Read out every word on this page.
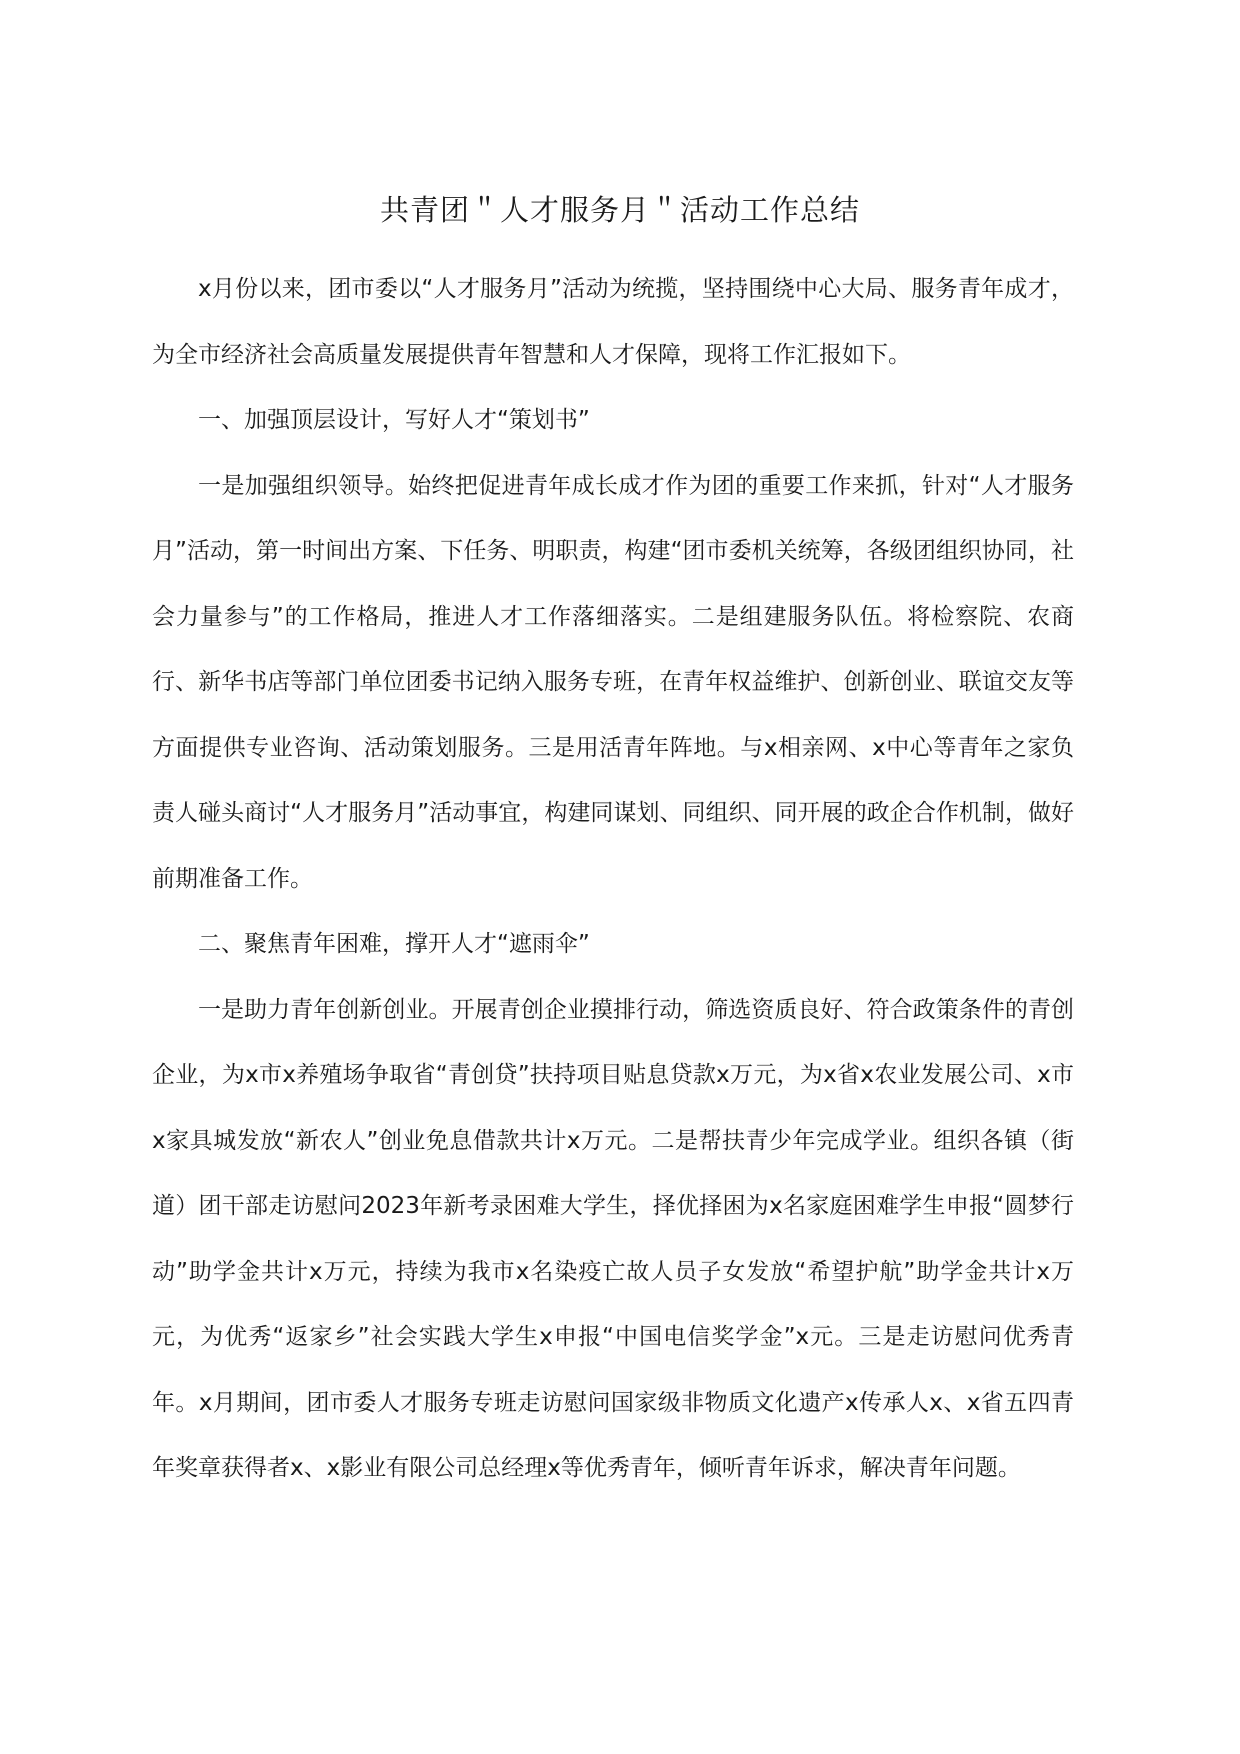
共青团＂人才服务月＂活动工作总结

x月份以来，团市委以“人才服务月”活动为统揽，坚持围绕中心大局、服务青年成才，为全市经济社会高质量发展提供青年智慧和人才保障，现将工作汇报如下。

一、加强顶层设计，写好人才“策划书”

一是加强组织领导。始终把促进青年成长成才作为团的重要工作来抓，针对“人才服务月”活动，第一时间出方案、下任务、明职责，构建“团市委机关统筹，各级团组织协同，社会力量参与”的工作格局，推进人才工作落细落实。二是组建服务队伍。将检察院、农商行、新华书店等部门单位团委书记纳入服务专班，在青年权益维护、创新创业、联谊交友等方面提供专业咨询、活动策划服务。三是用活青年阵地。与x相亲网、x中心等青年之家负责人碰头商讨“人才服务月”活动事宜，构建同谋划、同组织、同开展的政企合作机制，做好前期准备工作。

二、聚焦青年困难，撑开人才“遮雨伞”

一是助力青年创新创业。开展青创企业摸排行动，筛选资质良好、符合政策条件的青创企业，为x市x养殖场争取省“青创贷”扶持项目贴息贷款x万元，为x省x农业发展公司、x市x家具城发放“新农人”创业免息借款共计x万元。二是帮扶青少年完成学业。组织各镇（街道）团干部走访慰问2023年新考录困难大学生，择优择困为x名家庭困难学生申报“圆梦行动”助学金共计x万元，持续为我市x名染疫亡故人员子女发放“希望护航”助学金共计x万元，为优秀“返家乡”社会实践大学生x申报“中国电信奖学金”x元。三是走访慰问优秀青年。x月期间，团市委人才服务专班走访慰问国家级非物质文化遗产x传承人x、x省五四青年奖章获得者x、x影业有限公司总经理x等优秀青年，倾听青年诉求，解决青年问题。
